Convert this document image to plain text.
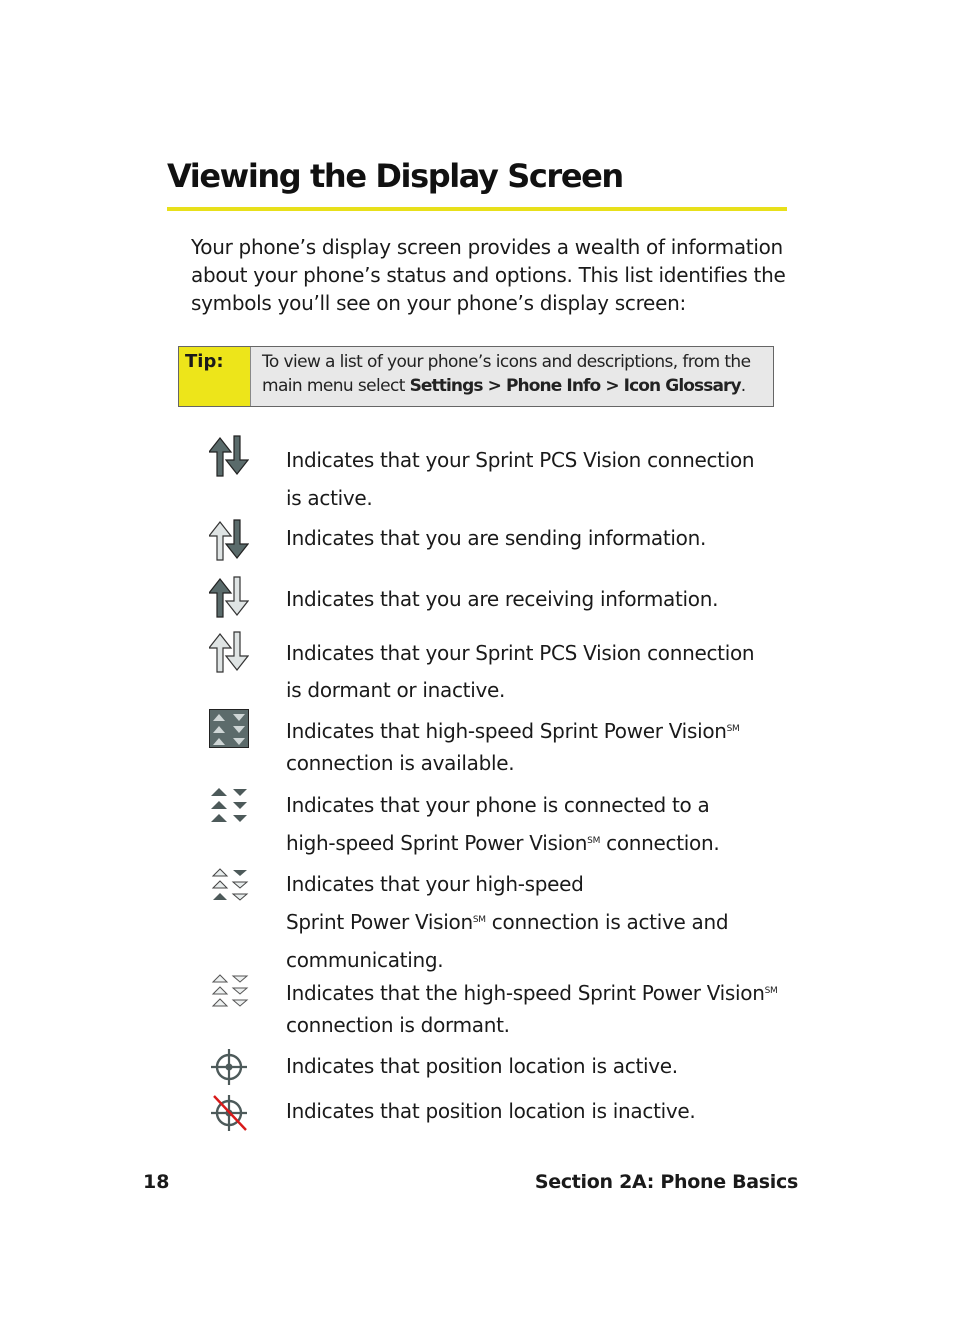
Viewing the Display Screen

Your phone’s display screen provides a wealth of information about your phone’s status and options. This list identifies the symbols you’ll see on your phone’s display screen:

Tip:	To view a list of your phone’s icons and descriptions, from the main menu select Settings > Phone Info > Icon Glossary.
Indicates that your Sprint PCS Vision connection
is active.
Indicates that you are sending information.
Indicates that you are receiving information.
Indicates that your Sprint PCS Vision connection
is dormant or inactive.
Indicates that high-speed Sprint Power Vision℠
connection is available.
Indicates that your phone is connected to a
high-speed Sprint Power Vision℠ connection.
Indicates that your high-speed
Sprint Power Vision℠ connection is active and
communicating.
Indicates that the high-speed Sprint Power Vision℠
connection is dormant.
Indicates that position location is active.
Indicates that position location is inactive.
18	Section 2A: Phone Basics
